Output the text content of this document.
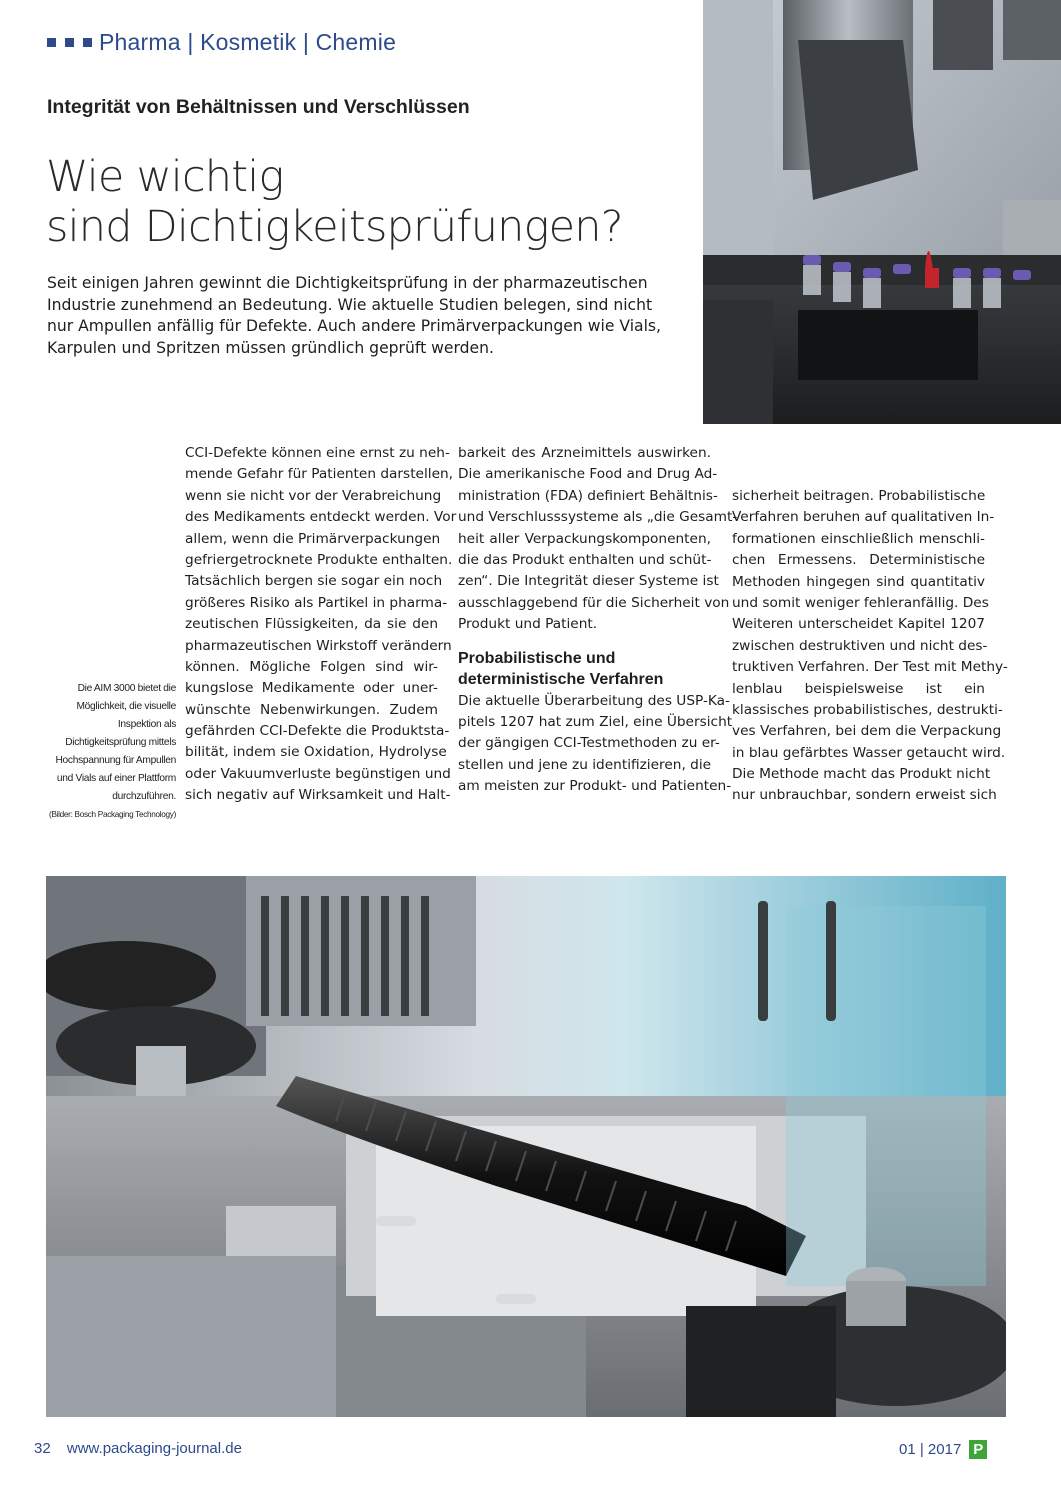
Pharma | Kosmetik | Chemie
Integrität von Behältnissen und Verschlüssen
Wie wichtig
sind Dichtigkeitsprüfungen?
Seit einigen Jahren gewinnt die Dichtigkeitsprüfung in der pharmazeutischen Industrie zunehmend an Bedeutung. Wie aktuelle Studien belegen, sind nicht nur Ampullen anfällig für Defekte. Auch andere Primärverpackungen wie Vials, Karpulen und Spritzen müssen gründlich geprüft werden.
CCI-Defekte können eine ernst zu neh-
mende Gefahr für Patienten darstellen,
wenn sie nicht vor der Verabreichung
des Medikaments entdeckt werden. Vor
allem, wenn die Primärverpackungen
gefriergetrocknete Produkte enthalten.
Tatsächlich bergen sie sogar ein noch
größeres Risiko als Partikel in pharma-
zeutischen Flüssigkeiten, da sie den
pharmazeutischen Wirkstoff verändern
können. Mögliche Folgen sind wir-
kungslose Medikamente oder uner-
wünschte Nebenwirkungen. Zudem
gefährden CCI-Defekte die Produktsta-
bilität, indem sie Oxidation, Hydrolyse
oder Vakuumverluste begünstigen und
sich negativ auf Wirksamkeit und Halt-
barkeit des Arzneimittels auswirken.
Die amerikanische Food and Drug Ad-
ministration (FDA) definiert Behältnis-
und Verschlusssysteme als „die Gesamt-
heit aller Verpackungskomponenten,
die das Produkt enthalten und schüt-
zen“. Die Integrität dieser Systeme ist
ausschlaggebend für die Sicherheit von
Produkt und Patient.
Probabilistische und
deterministische Verfahren
Die aktuelle Überarbeitung des USP-Ka-
pitels 1207 hat zum Ziel, eine Übersicht
der gängigen CCI-Testmethoden zu er-
stellen und jene zu identifizieren, die
am meisten zur Produkt- und Patienten-
sicherheit beitragen. Probabilistische
Verfahren beruhen auf qualitativen In-
formationen einschließlich menschli-
chen Ermessens. Deterministische
Methoden hingegen sind quantitativ
und somit weniger fehleranfällig. Des
Weiteren unterscheidet Kapitel 1207
zwischen destruktiven und nicht des-
truktiven Verfahren. Der Test mit Methy-
lenblau beispielsweise ist ein
klassisches probabilistisches, destrukti-
ves Verfahren, bei dem die Verpackung
in blau gefärbtes Wasser getaucht wird.
Die Methode macht das Produkt nicht
nur unbrauchbar, sondern erweist sich
Die AIM 3000 bietet die Möglichkeit, die visuelle Inspektion als Dichtigkeitsprüfung mittels Hochspannung für Ampullen und Vials auf einer Plattform durchzuführen.
(Bilder: Bosch Packaging Technology)
32 www.packaging-journal.de	01 | 2017 P
